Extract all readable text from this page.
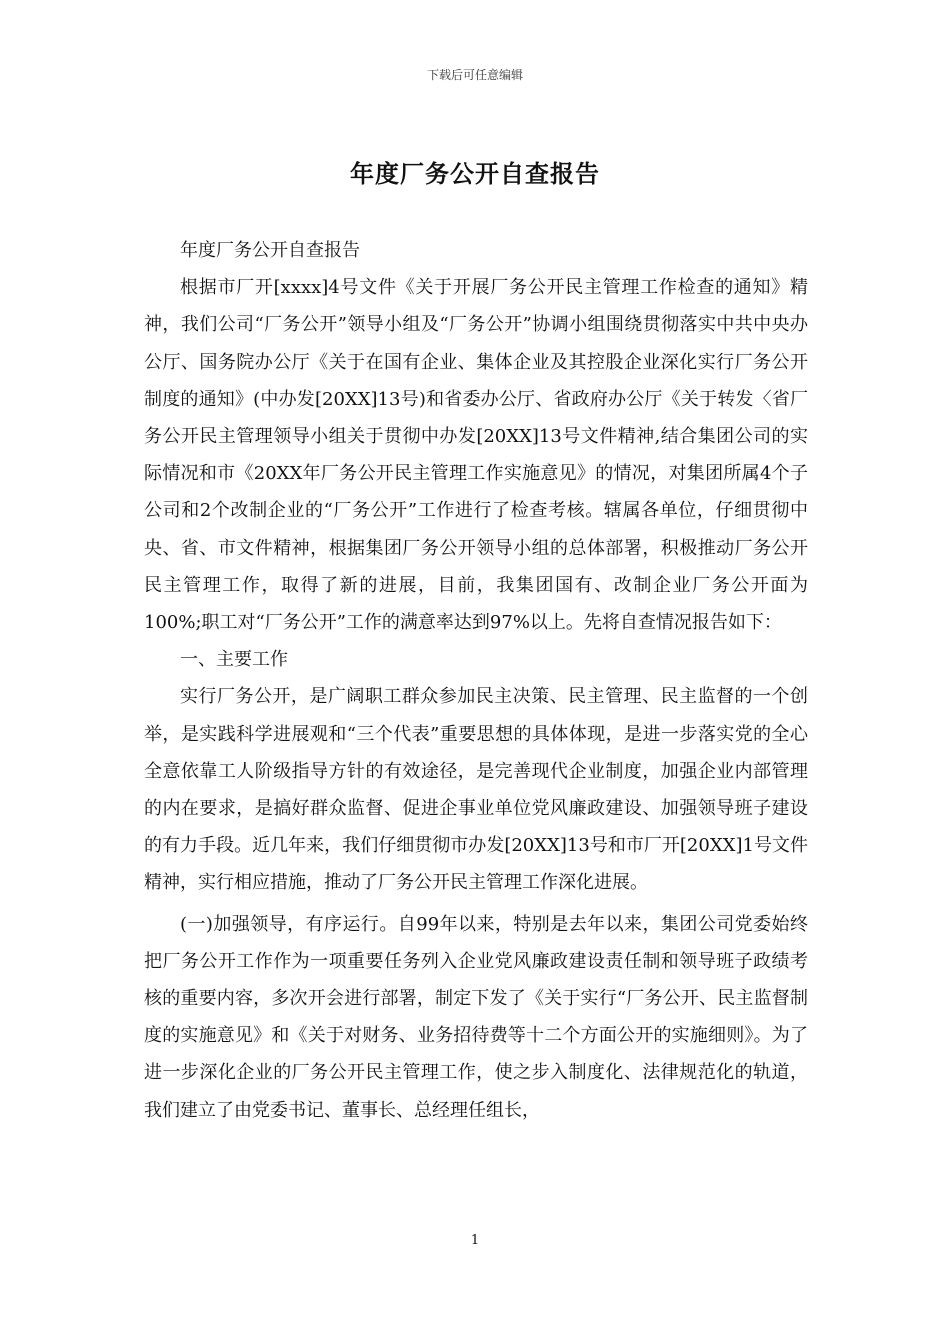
下载后可任意编辑
年度厂务公开自查报告

年度厂务公开自查报告

根据市厂开[xxxx]4号文件《关于开展厂务公开民主管理工作检查的通知》精神，我们公司“厂务公开”领导小组及“厂务公开”协调小组围绕贯彻落实中共中央办公厅、国务院办公厅《关于在国有企业、集体企业及其控股企业深化实行厂务公开制度的通知》(中办发[20XX]13号)和省委办公厅、省政府办公厅《关于转发〈省厂务公开民主管理领导小组关于贯彻中办发[20XX]13号文件精神,结合集团公司的实际情况和市《20XX年厂务公开民主管理工作实施意见》的情况，对集团所属4个子公司和2个改制企业的“厂务公开”工作进行了检查考核。辖属各单位，仔细贯彻中央、省、市文件精神，根据集团厂务公开领导小组的总体部署，积极推动厂务公开民主管理工作，取得了新的进展，目前，我集团国有、改制企业厂务公开面为100%;职工对“厂务公开”工作的满意率达到97%以上。先将自查情况报告如下：

一、主要工作

实行厂务公开，是广阔职工群众参加民主决策、民主管理、民主监督的一个创举，是实践科学进展观和“三个代表”重要思想的具体体现，是进一步落实党的全心全意依靠工人阶级指导方针的有效途径，是完善现代企业制度，加强企业内部管理的内在要求，是搞好群众监督、促进企事业单位党风廉政建设、加强领导班子建设的有力手段。近几年来，我们仔细贯彻市办发[20XX]13号和市厂开[20XX]1号文件精神，实行相应措施，推动了厂务公开民主管理工作深化进展。

(一)加强领导，有序运行。自99年以来，特别是去年以来，集团公司党委始终把厂务公开工作作为一项重要任务列入企业党风廉政建设责任制和领导班子政绩考核的重要内容，多次开会进行部署，制定下发了《关于实行“厂务公开、民主监督制度的实施意见》和《关于对财务、业务招待费等十二个方面公开的实施细则》。为了进一步深化企业的厂务公开民主管理工作，使之步入制度化、法律规范化的轨道，我们建立了由党委书记、董事长、总经理任组长，

1
